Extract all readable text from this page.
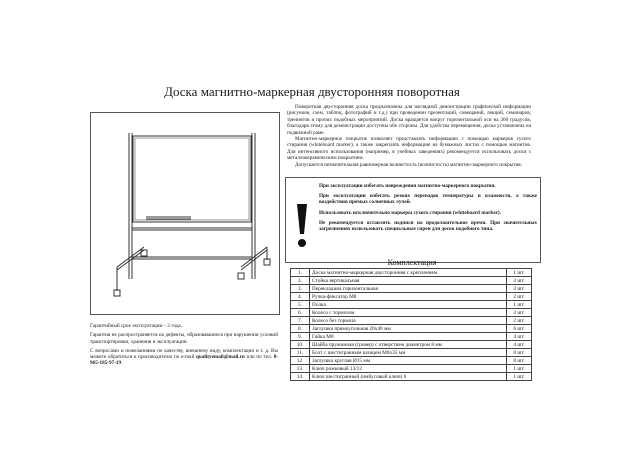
Доска магнитно-маркерная двусторонняя поворотная

Поворотная двусторонняя доска предназначена для наглядной демонстрации графической информации (рисунков, схем, таблиц, фотографий и т.д.) при проведении презентаций, совещаний, лекций, семинаров, тренингов и прочих подобных мероприятий. Доска вращается вокруг горизонтальной оси на 360 градусов, благодаря этому для демонстрации доступны обе стороны. Для удобства перемещения, доска установлена на подвижной раме.

Магнитно-маркерное покрытие позволяет представлять информацию с помощью маркеров сухого стирания (whiteboard marker), а также закреплять информацию на бумажных листах с помощью магнитов. Для интенсивного использования (например, в учебных заведениях) рекомендуется использовать доски с металлокерамическим покрытием.

Допускается незначительная равномерная волнистость (волнистость) магнитно-маркерного покрытия.

При эксплуатации избегать повреждения магнитно-маркерного покрытия.
При эксплуатации избегать резких перепадов температуры и влажности, а также воздействия прямых солнечных лучей.
Использовать исключительно маркеры сухого стирания (whiteboard marker).
Не рекомендуется оставлять надписи на продолжительное время. При значительных загрязнениях использовать специальные спреи для досок подобного типа.
Комплектация
1.	Доска магнитно-маркерная двусторонняя с креплением	1 шт.
2.	Стойка вертикальная	2 шт.
3.	Перекладина горизонтальная	2 шт.
4.	Ручка-фиксатор М8	2 шт.
5.	Полка	1 шт.
6.	Колесо с тормозом	2 шт.
7.	Колесо без тормоза	2 шт.
8.	Заглушка прямоугольная 20х40 мм	6 шт.
9.	Гайка М8	4 шт.
10.	Шайба пружинная (гровер) с отверстием диаметром 8 мм	4 шт.
11.	Болт с шестигранным шлицем М8х35 мм	8 шт.
12.	Заглушка круглая Ø15 мм	8 шт.
13.	Ключ рожковый 13/12	1 шт.
14.	Ключ шестигранный (имбусовый ключ) 6	1 шт.

Гарантийный срок эксплуатации – 2 года.

Гарантия не распространяется на дефекты, образовавшиеся при нарушении условий транспортировки, хранения и эксплуатации.

С вопросами и пожеланиями по качеству, внешнему виду, комплектации и т. д. Вы можете обратиться к производителю по e-mail qualityemail@mail.ru или по тел. 8-965-185-97-19.
